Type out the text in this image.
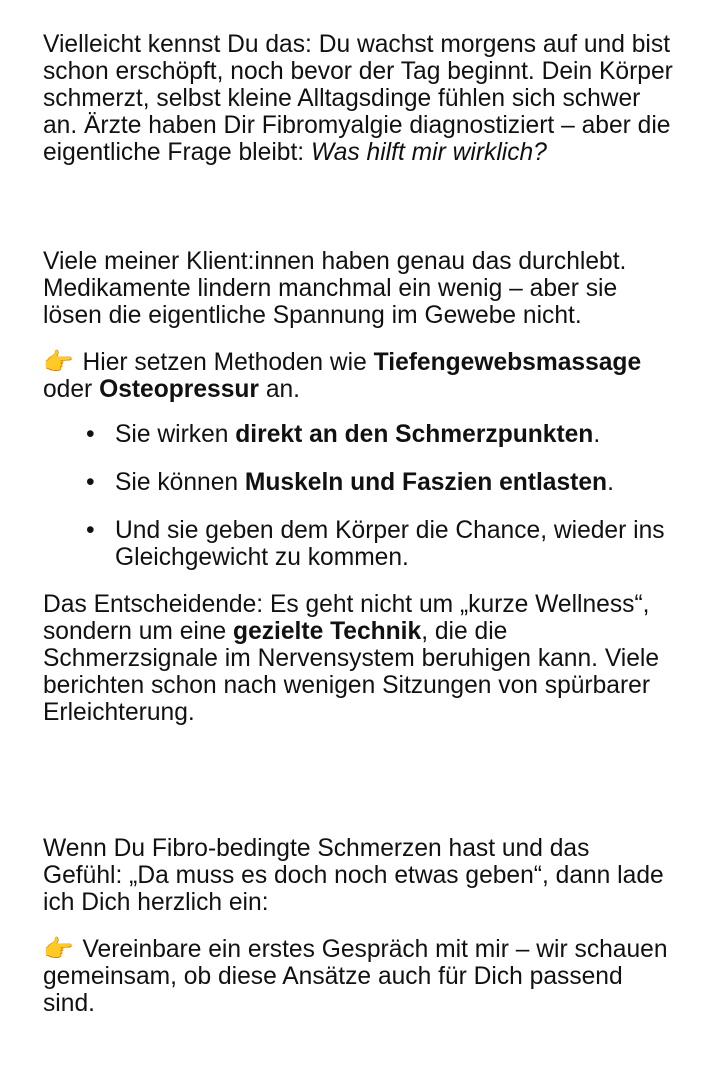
Vielleicht kennst Du das: Du wachst morgens auf und bist schon erschöpft, noch bevor der Tag beginnt. Dein Körper schmerzt, selbst kleine Alltagsdinge fühlen sich schwer an. Ärzte haben Dir Fibromyalgie diagnostiziert – aber die eigentliche Frage bleibt: Was hilft mir wirklich?

Viele meiner Klient:innen haben genau das durchlebt. Medikamente lindern manchmal ein wenig – aber sie lösen die eigentliche Spannung im Gewebe nicht.

👉 Hier setzen Methoden wie Tiefengewebsmassage oder Osteopressur an.

• Sie wirken direkt an den Schmerzpunkten.
• Sie können Muskeln und Faszien entlasten.
• Und sie geben dem Körper die Chance, wieder ins Gleichgewicht zu kommen.

Das Entscheidende: Es geht nicht um „kurze Wellness“, sondern um eine gezielte Technik, die die Schmerzsignale im Nervensystem beruhigen kann. Viele berichten schon nach wenigen Sitzungen von spürbarer Erleichterung.

Wenn Du Fibro-bedingte Schmerzen hast und das Gefühl: „Da muss es doch noch etwas geben“, dann lade ich Dich herzlich ein:

👉 Vereinbare ein erstes Gespräch mit mir – wir schauen gemeinsam, ob diese Ansätze auch für Dich passend sind.
